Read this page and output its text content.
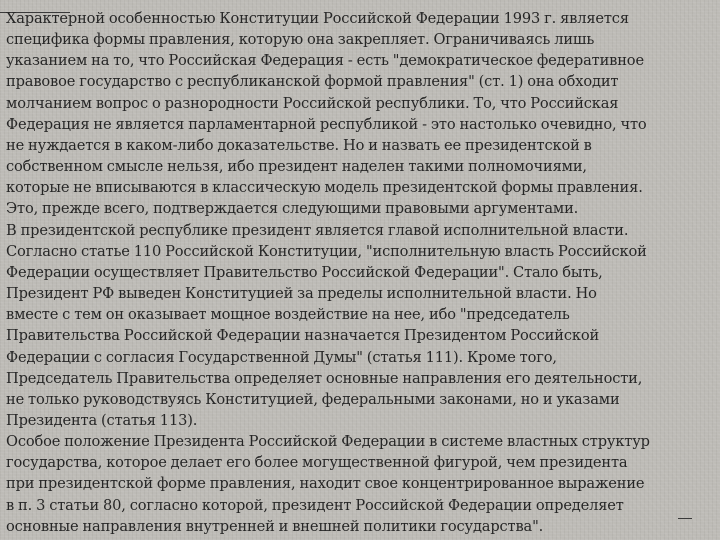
Характерной особенностью Конституции Российской Федерации 1993 г. является
специфика формы правления, которую она закрепляет. Ограничиваясь лишь
указанием на то, что Российская Федерация - есть "демократическое федеративное
правовое государство с республиканской формой правления" (ст. 1) она обходит
молчанием вопрос о разнородности Российской республики. То, что Российская
Федерация не является парламентарной республикой - это настолько очевидно, что
не нуждается в каком-либо доказательстве. Но и назвать ее президентской в
собственном смысле нельзя, ибо президент наделен такими полномочиями,
которые не вписываются в классическую модель президентской формы правления.
Это, прежде всего, подтверждается следующими правовыми аргументами.
В президентской республике президент является главой исполнительной власти.
Согласно статье 110 Российской Конституции, "исполнительную власть Российской
Федерации осуществляет Правительство Российской Федерации". Стало быть,
Президент РФ выведен Конституцией за пределы исполнительной власти. Но
вместе с тем он оказывает мощное воздействие на нее, ибо "председатель
Правительства Российской Федерации назначается Президентом Российской
Федерации с согласия Государственной Думы" (статья 111). Кроме того,
Председатель Правительства определяет основные направления его деятельности,
не только руководствуясь Конституцией, федеральными законами, но и указами
Президента (статья 113).
Особое положение Президента Российской Федерации в системе властных структур
государства, которое делает его более могущественной фигурой, чем президента
при президентской форме правления, находит свое концентрированное выражение
в п. 3 статьи 80, согласно которой, президент Российской Федерации определяет
основные направления внутренней и внешней политики государства".
